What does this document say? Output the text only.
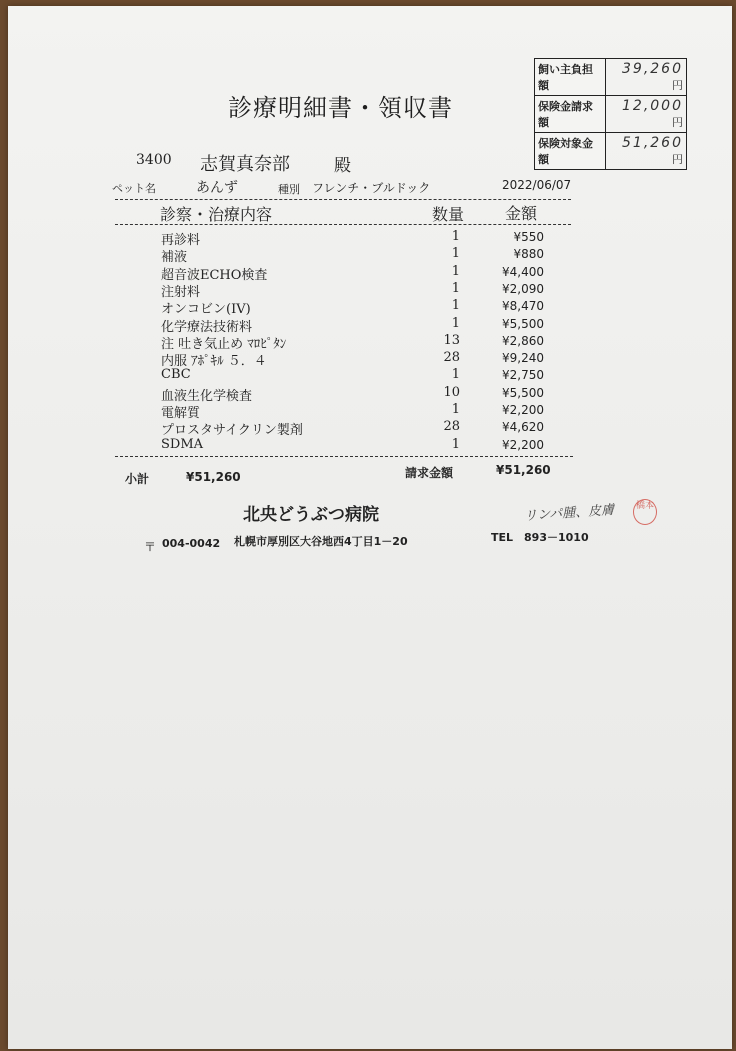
診療明細書・領収書
飼い主負担額	39,260円
保険金請求額	12,000円
保険対象金額	51,260円
3400 志賀真奈部	殿
ペット名	あんず	種別 フレンチ・ブルドック	2022/06/07
診察・治療内容	数量	金額
再診料	1	¥550
補液	1	¥880
超音波ECHO検査	1	¥4,400
注射料	1	¥2,090
オンコビン(IV)	1	¥8,470
化学療法技術料	1	¥5,500
注 吐き気止め ﾏﾛﾋﾟﾀﾝ	13	¥2,860
内服 ｱﾎﾟｷﾙ ５．４	28	¥9,240
CBC	1	¥2,750
血液生化学検査	10	¥5,500
電解質	1	¥2,200
プロスタサイクリン製剤	28	¥4,620
SDMA	1	¥2,200
小計	¥51,260	請求金額	¥51,260
北央どうぶつ病院	リンパ腫、皮膚	橋本
〒 004-0042 札幌市厚別区大谷地西4丁目1－20	TEL　893－1010
